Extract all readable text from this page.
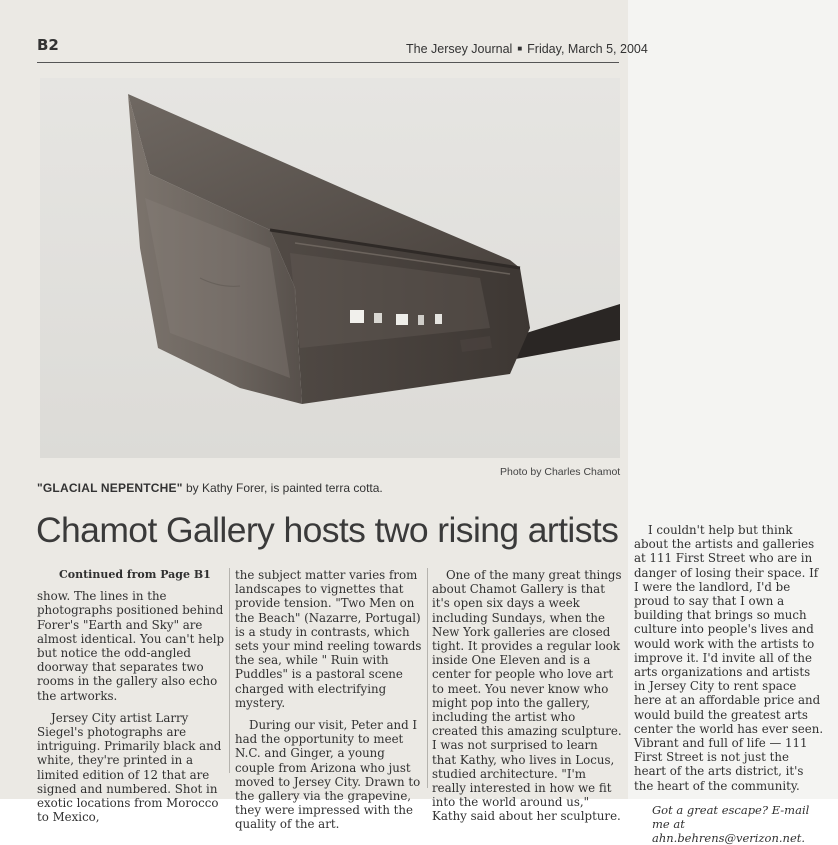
B2	The Jersey Journal ■ Friday, March 5, 2004
Photo by Charles Chamot
"GLACIAL NEPENTCHE" by Kathy Forer, is painted terra cotta.
Chamot Gallery hosts two rising artists
Continued from Page B1

show. The lines in the photographs positioned behind Forer's "Earth and Sky" are almost identical. You can't help but notice the odd-angled doorway that separates two rooms in the gallery also echo the artworks.

Jersey City artist Larry Siegel's photographs are intriguing. Primarily black and white, they're printed in a limited edition of 12 that are signed and numbered. Shot in exotic locations from Morocco to Mexico,

the subject matter varies from landscapes to vignettes that provide tension. "Two Men on the Beach" (Nazarre, Portugal) is a study in contrasts, which sets your mind reeling towards the sea, while " Ruin with Puddles" is a pastoral scene charged with electrifying mystery.

During our visit, Peter and I had the opportunity to meet N.C. and Ginger, a young couple from Arizona who just moved to Jersey City. Drawn to the gallery via the grapevine, they were impressed with the quality of the art.

One of the many great things about Chamot Gallery is that it's open six days a week including Sundays, when the New York galleries are closed tight. It provides a regular look inside One Eleven and is a center for people who love art to meet. You never know who might pop into the gallery, including the artist who created this amazing sculpture. I was not surprised to learn that Kathy, who lives in Locus, studied architecture. "I'm really interested in how we fit into the world around us," Kathy said about her sculpture.

I couldn't help but think about the artists and galleries at 111 First Street who are in danger of losing their space. If I were the landlord, I'd be proud to say that I own a building that brings so much culture into people's lives and would work with the artists to improve it. I'd invite all of the arts organizations and artists in Jersey City to rent space here at an affordable price and would build the greatest arts center the world has ever seen. Vibrant and full of life — 111 First Street is not just the heart of the arts district, it's the heart of the community.

Got a great escape? E-mail me at ahn.behrens@verizon.net.
